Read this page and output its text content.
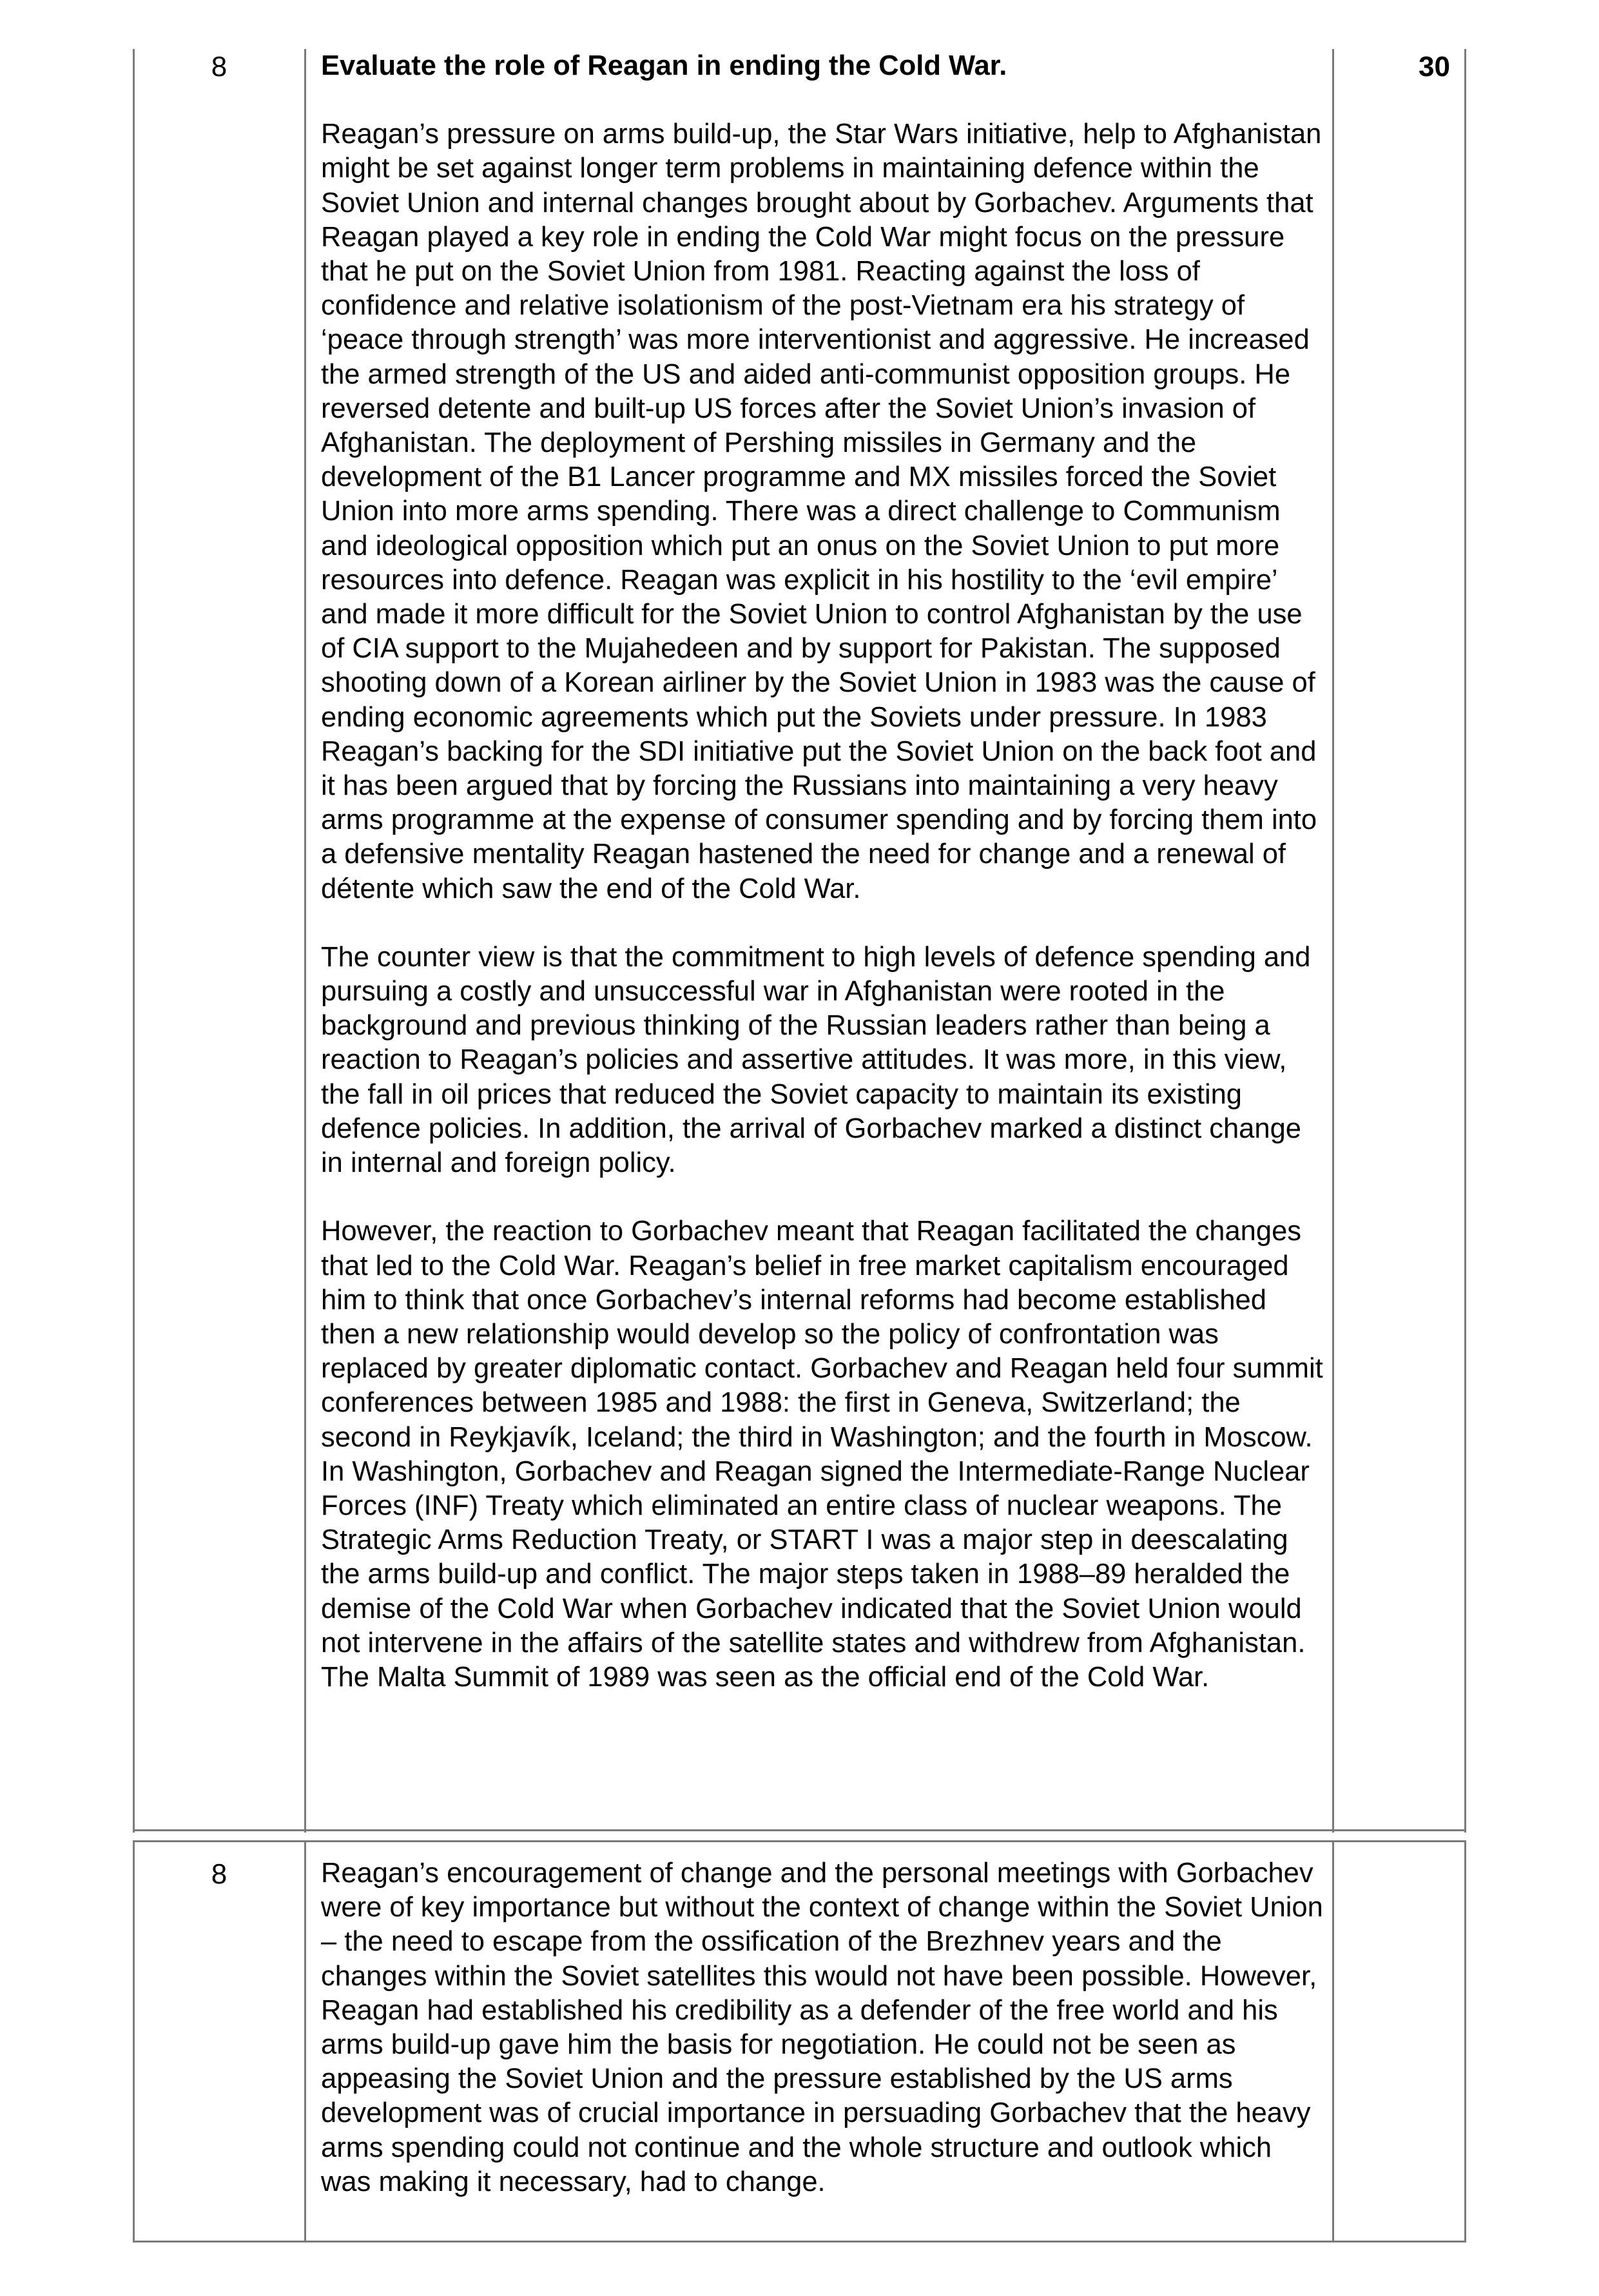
8	30

Evaluate the role of Reagan in ending the Cold War.

Reagan’s pressure on arms build-up, the Star Wars initiative, help to Afghanistan might be set against longer term problems in maintaining defence within the Soviet Union and internal changes brought about by Gorbachev. Arguments that Reagan played a key role in ending the Cold War might focus on the pressure that he put on the Soviet Union from 1981. Reacting against the loss of confidence and relative isolationism of the post-Vietnam era his strategy of ‘peace through strength’ was more interventionist and aggressive. He increased the armed strength of the US and aided anti-communist opposition groups. He reversed detente and built-up US forces after the Soviet Union’s invasion of Afghanistan. The deployment of Pershing missiles in Germany and the development of the B1 Lancer programme and MX missiles forced the Soviet Union into more arms spending. There was a direct challenge to Communism and ideological opposition which put an onus on the Soviet Union to put more resources into defence. Reagan was explicit in his hostility to the ‘evil empire’ and made it more difficult for the Soviet Union to control Afghanistan by the use of CIA support to the Mujahedeen and by support for Pakistan. The supposed shooting down of a Korean airliner by the Soviet Union in 1983 was the cause of ending economic agreements which put the Soviets under pressure. In 1983 Reagan’s backing for the SDI initiative put the Soviet Union on the back foot and it has been argued that by forcing the Russians into maintaining a very heavy arms programme at the expense of consumer spending and by forcing them into a defensive mentality Reagan hastened the need for change and a renewal of détente which saw the end of the Cold War.

The counter view is that the commitment to high levels of defence spending and pursuing a costly and unsuccessful war in Afghanistan were rooted in the background and previous thinking of the Russian leaders rather than being a reaction to Reagan’s policies and assertive attitudes. It was more, in this view, the fall in oil prices that reduced the Soviet capacity to maintain its existing defence policies. In addition, the arrival of Gorbachev marked a distinct change in internal and foreign policy.

However, the reaction to Gorbachev meant that Reagan facilitated the changes that led to the Cold War. Reagan’s belief in free market capitalism encouraged him to think that once Gorbachev’s internal reforms had become established then a new relationship would develop so the policy of confrontation was replaced by greater diplomatic contact. Gorbachev and Reagan held four summit conferences between 1985 and 1988: the first in Geneva, Switzerland; the second in Reykjavík, Iceland; the third in Washington; and the fourth in Moscow. In Washington, Gorbachev and Reagan signed the Intermediate-Range Nuclear Forces (INF) Treaty which eliminated an entire class of nuclear weapons. The Strategic Arms Reduction Treaty, or START I was a major step in deescalating the arms build-up and conflict. The major steps taken in 1988–89 heralded the demise of the Cold War when Gorbachev indicated that the Soviet Union would not intervene in the affairs of the satellite states and withdrew from Afghanistan. The Malta Summit of 1989 was seen as the official end of the Cold War.

8	Reagan’s encouragement of change and the personal meetings with Gorbachev were of key importance but without the context of change within the Soviet Union – the need to escape from the ossification of the Brezhnev years and the changes within the Soviet satellites this would not have been possible. However, Reagan had established his credibility as a defender of the free world and his arms build-up gave him the basis for negotiation. He could not be seen as appeasing the Soviet Union and the pressure established by the US arms development was of crucial importance in persuading Gorbachev that the heavy arms spending could not continue and the whole structure and outlook which was making it necessary, had to change.
